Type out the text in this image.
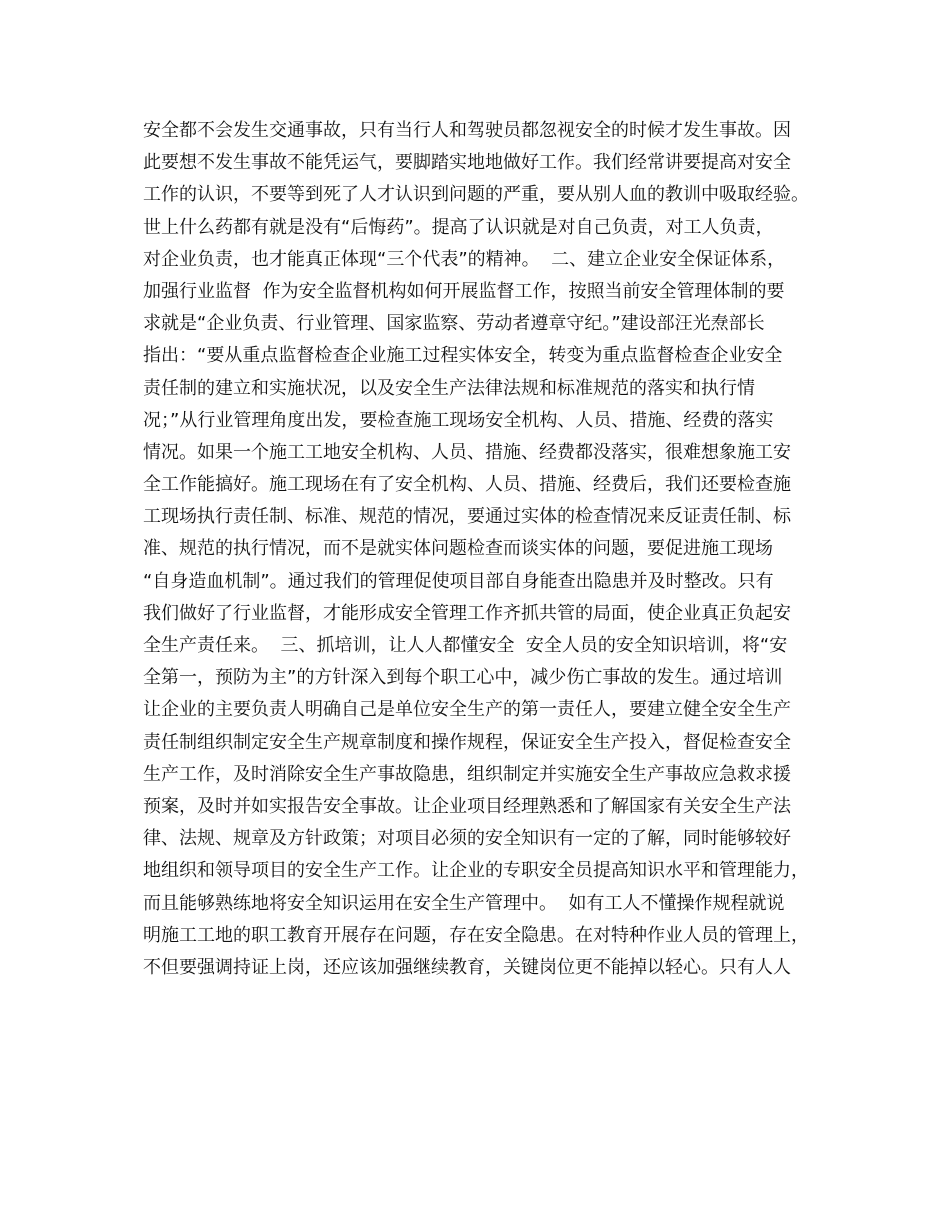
安全都不会发生交通事故，只有当行人和驾驶员都忽视安全的时候才发生事故。因
此要想不发生事故不能凭运气，要脚踏实地地做好工作。我们经常讲要提高对安全
工作的认识，不要等到死了人才认识到问题的严重，要从别人血的教训中吸取经验。
世上什么药都有就是没有“后悔药”。提高了认识就是对自己负责，对工人负责，
对企业负责，也才能真正体现“三个代表”的精神。  二、建立企业安全保证体系，
加强行业监督  作为安全监督机构如何开展监督工作，按照当前安全管理体制的要
求就是“企业负责、行业管理、国家监察、劳动者遵章守纪。”建设部汪光焘部长
指出：“要从重点监督检查企业施工过程实体安全，转变为重点监督检查企业安全
责任制的建立和实施状况，以及安全生产法律法规和标准规范的落实和执行情
况；”从行业管理角度出发，要检查施工现场安全机构、人员、措施、经费的落实
情况。如果一个施工工地安全机构、人员、措施、经费都没落实，很难想象施工安
全工作能搞好。施工现场在有了安全机构、人员、措施、经费后，我们还要检查施
工现场执行责任制、标准、规范的情况，要通过实体的检查情况来反证责任制、标
准、规范的执行情况，而不是就实体问题检查而谈实体的问题，要促进施工现场
“自身造血机制”。通过我们的管理促使项目部自身能查出隐患并及时整改。只有
我们做好了行业监督，才能形成安全管理工作齐抓共管的局面，使企业真正负起安
全生产责任来。  三、抓培训，让人人都懂安全  安全人员的安全知识培训，将“安
全第一，预防为主”的方针深入到每个职工心中，减少伤亡事故的发生。通过培训
让企业的主要负责人明确自己是单位安全生产的第一责任人，要建立健全安全生产
责任制组织制定安全生产规章制度和操作规程，保证安全生产投入，督促检查安全
生产工作，及时消除安全生产事故隐患，组织制定并实施安全生产事故应急救求援
预案，及时并如实报告安全事故。让企业项目经理熟悉和了解国家有关安全生产法
律、法规、规章及方针政策；对项目必须的安全知识有一定的了解，同时能够较好
地组织和领导项目的安全生产工作。让企业的专职安全员提高知识水平和管理能力，
而且能够熟练地将安全知识运用在安全生产管理中。  如有工人不懂操作规程就说
明施工工地的职工教育开展存在问题，存在安全隐患。在对特种作业人员的管理上，
不但要强调持证上岗，还应该加强继续教育，关键岗位更不能掉以轻心。只有人人
